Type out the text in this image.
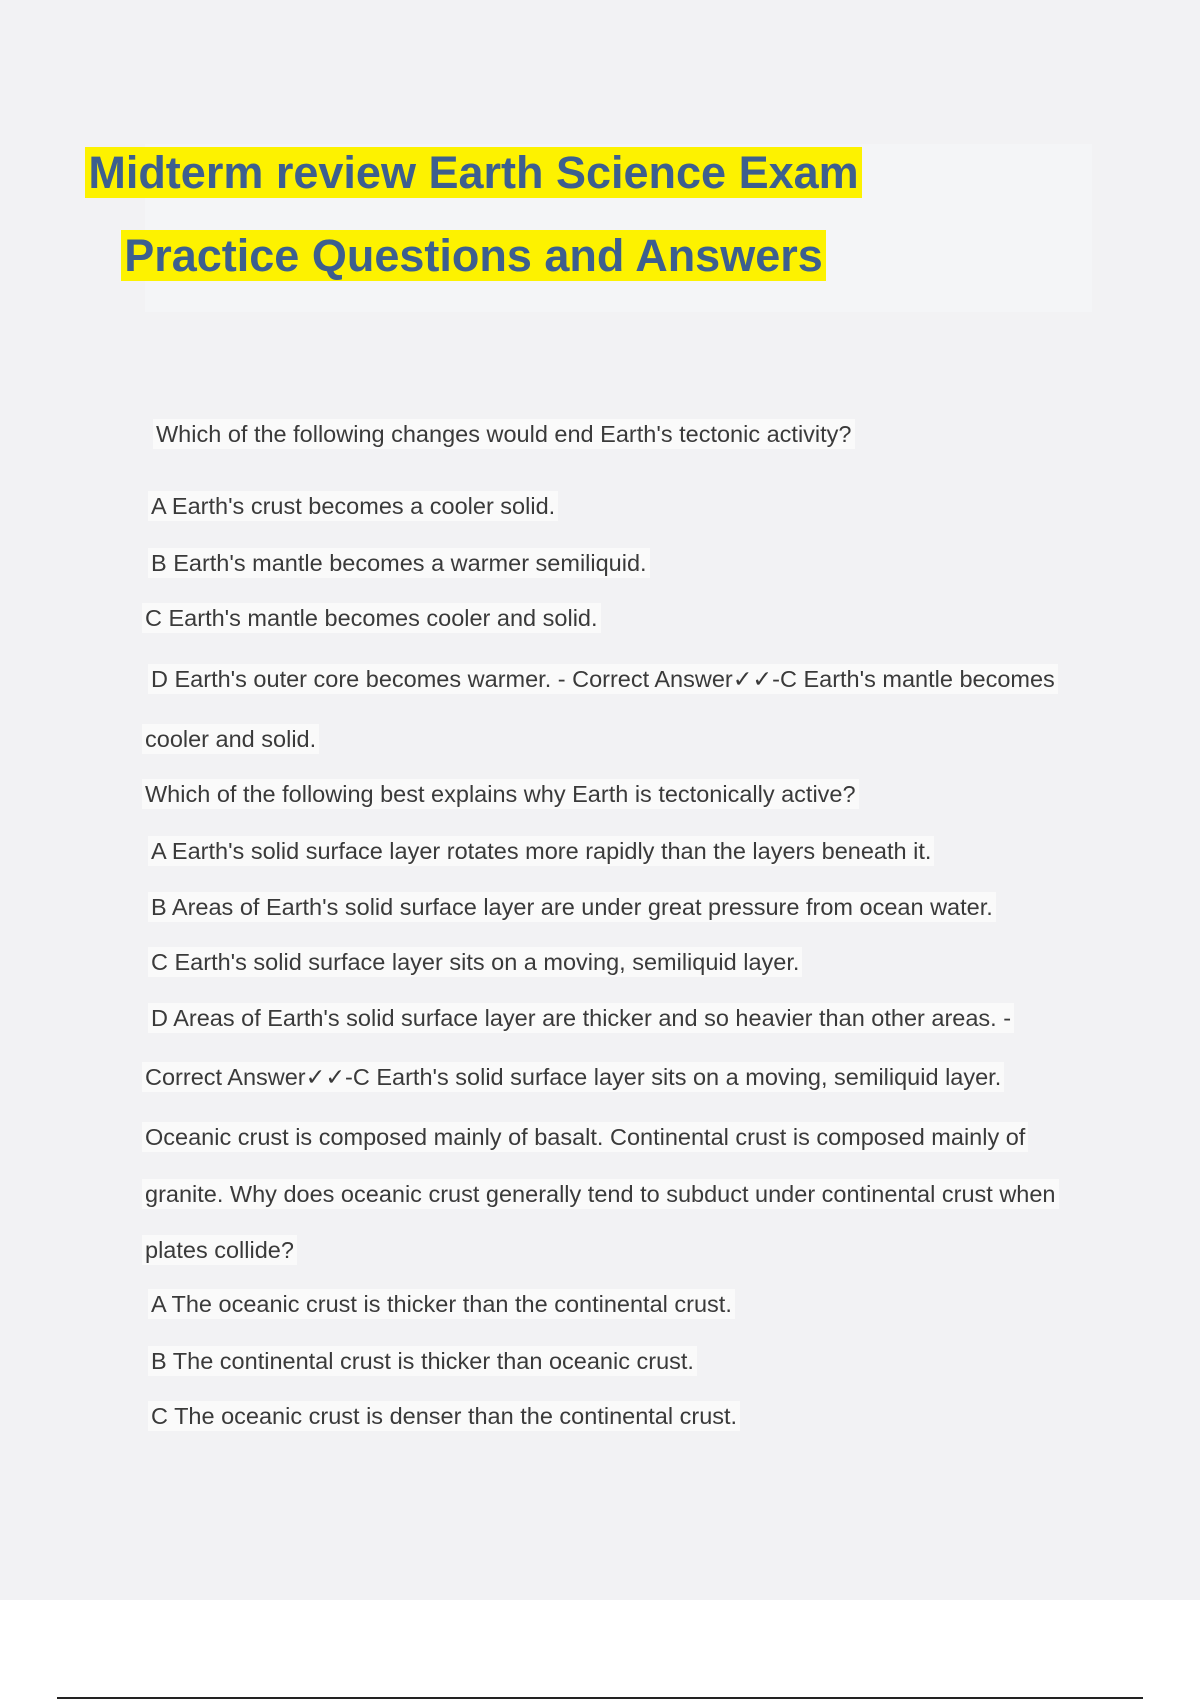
Midterm review Earth Science Exam
Practice Questions and Answers
Which of the following changes would end Earth's tectonic activity?
A Earth's crust becomes a cooler solid.
B Earth's mantle becomes a warmer semiliquid.
C Earth's mantle becomes cooler and solid.
D Earth's outer core becomes warmer. - Correct Answer✓✓-C Earth's mantle becomes
cooler and solid.
Which of the following best explains why Earth is tectonically active?
A Earth's solid surface layer rotates more rapidly than the layers beneath it.
B Areas of Earth's solid surface layer are under great pressure from ocean water.
C Earth's solid surface layer sits on a moving, semiliquid layer.
D Areas of Earth's solid surface layer are thicker and so heavier than other areas. -
Correct Answer✓✓-C Earth's solid surface layer sits on a moving, semiliquid layer.
Oceanic crust is composed mainly of basalt. Continental crust is composed mainly of
granite. Why does oceanic crust generally tend to subduct under continental crust when
plates collide?
A The oceanic crust is thicker than the continental crust.
B The continental crust is thicker than oceanic crust.
C The oceanic crust is denser than the continental crust.
